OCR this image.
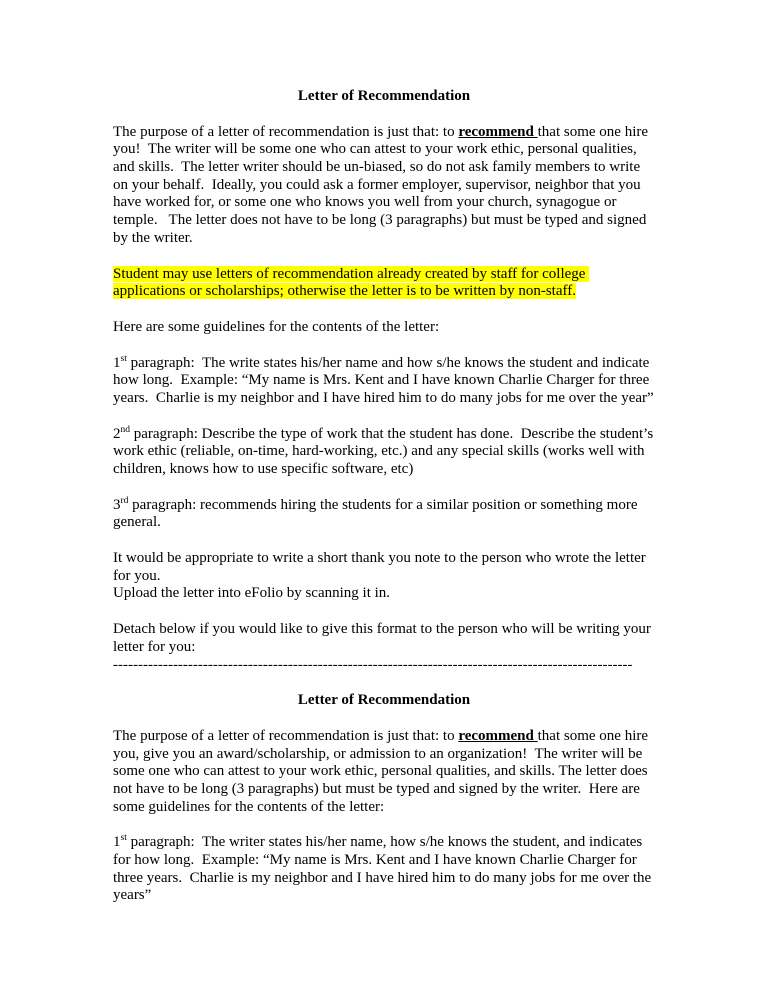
Letter of Recommendation

The purpose of a letter of recommendation is just that: to recommend that some one hire you!  The writer will be some one who can attest to your work ethic, personal qualities, and skills.  The letter writer should be un-biased, so do not ask family members to write on your behalf.  Ideally, you could ask a former employer, supervisor, neighbor that you have worked for, or some one who knows you well from your church, synagogue or temple.   The letter does not have to be long (3 paragraphs) but must be typed and signed by the writer.

Student may use letters of recommendation already created by staff for college applications or scholarships; otherwise the letter is to be written by non-staff.

Here are some guidelines for the contents of the letter:

1st paragraph:  The write states his/her name and how s/he knows the student and indicate how long.  Example: “My name is Mrs. Kent and I have known Charlie Charger for three years.  Charlie is my neighbor and I have hired him to do many jobs for me over the year”

2nd paragraph: Describe the type of work that the student has done.  Describe the student’s work ethic (reliable, on-time, hard-working, etc.) and any special skills (works well with children, knows how to use specific software, etc)

3rd paragraph: recommends hiring the students for a similar position or something more general.

It would be appropriate to write a short thank you note to the person who wrote the letter for you.
Upload the letter into eFolio by scanning it in.

Detach below if you would like to give this format to the person who will be writing your letter for you:

--------------------------------------------------------------------------------------------------------

Letter of Recommendation

The purpose of a letter of recommendation is just that: to recommend that some one hire you, give you an award/scholarship, or admission to an organization!  The writer will be some one who can attest to your work ethic, personal qualities, and skills. The letter does not have to be long (3 paragraphs) but must be typed and signed by the writer.  Here are some guidelines for the contents of the letter:

1st paragraph:  The writer states his/her name, how s/he knows the student, and indicates for how long.  Example: “My name is Mrs. Kent and I have known Charlie Charger for three years.  Charlie is my neighbor and I have hired him to do many jobs for me over the years”
